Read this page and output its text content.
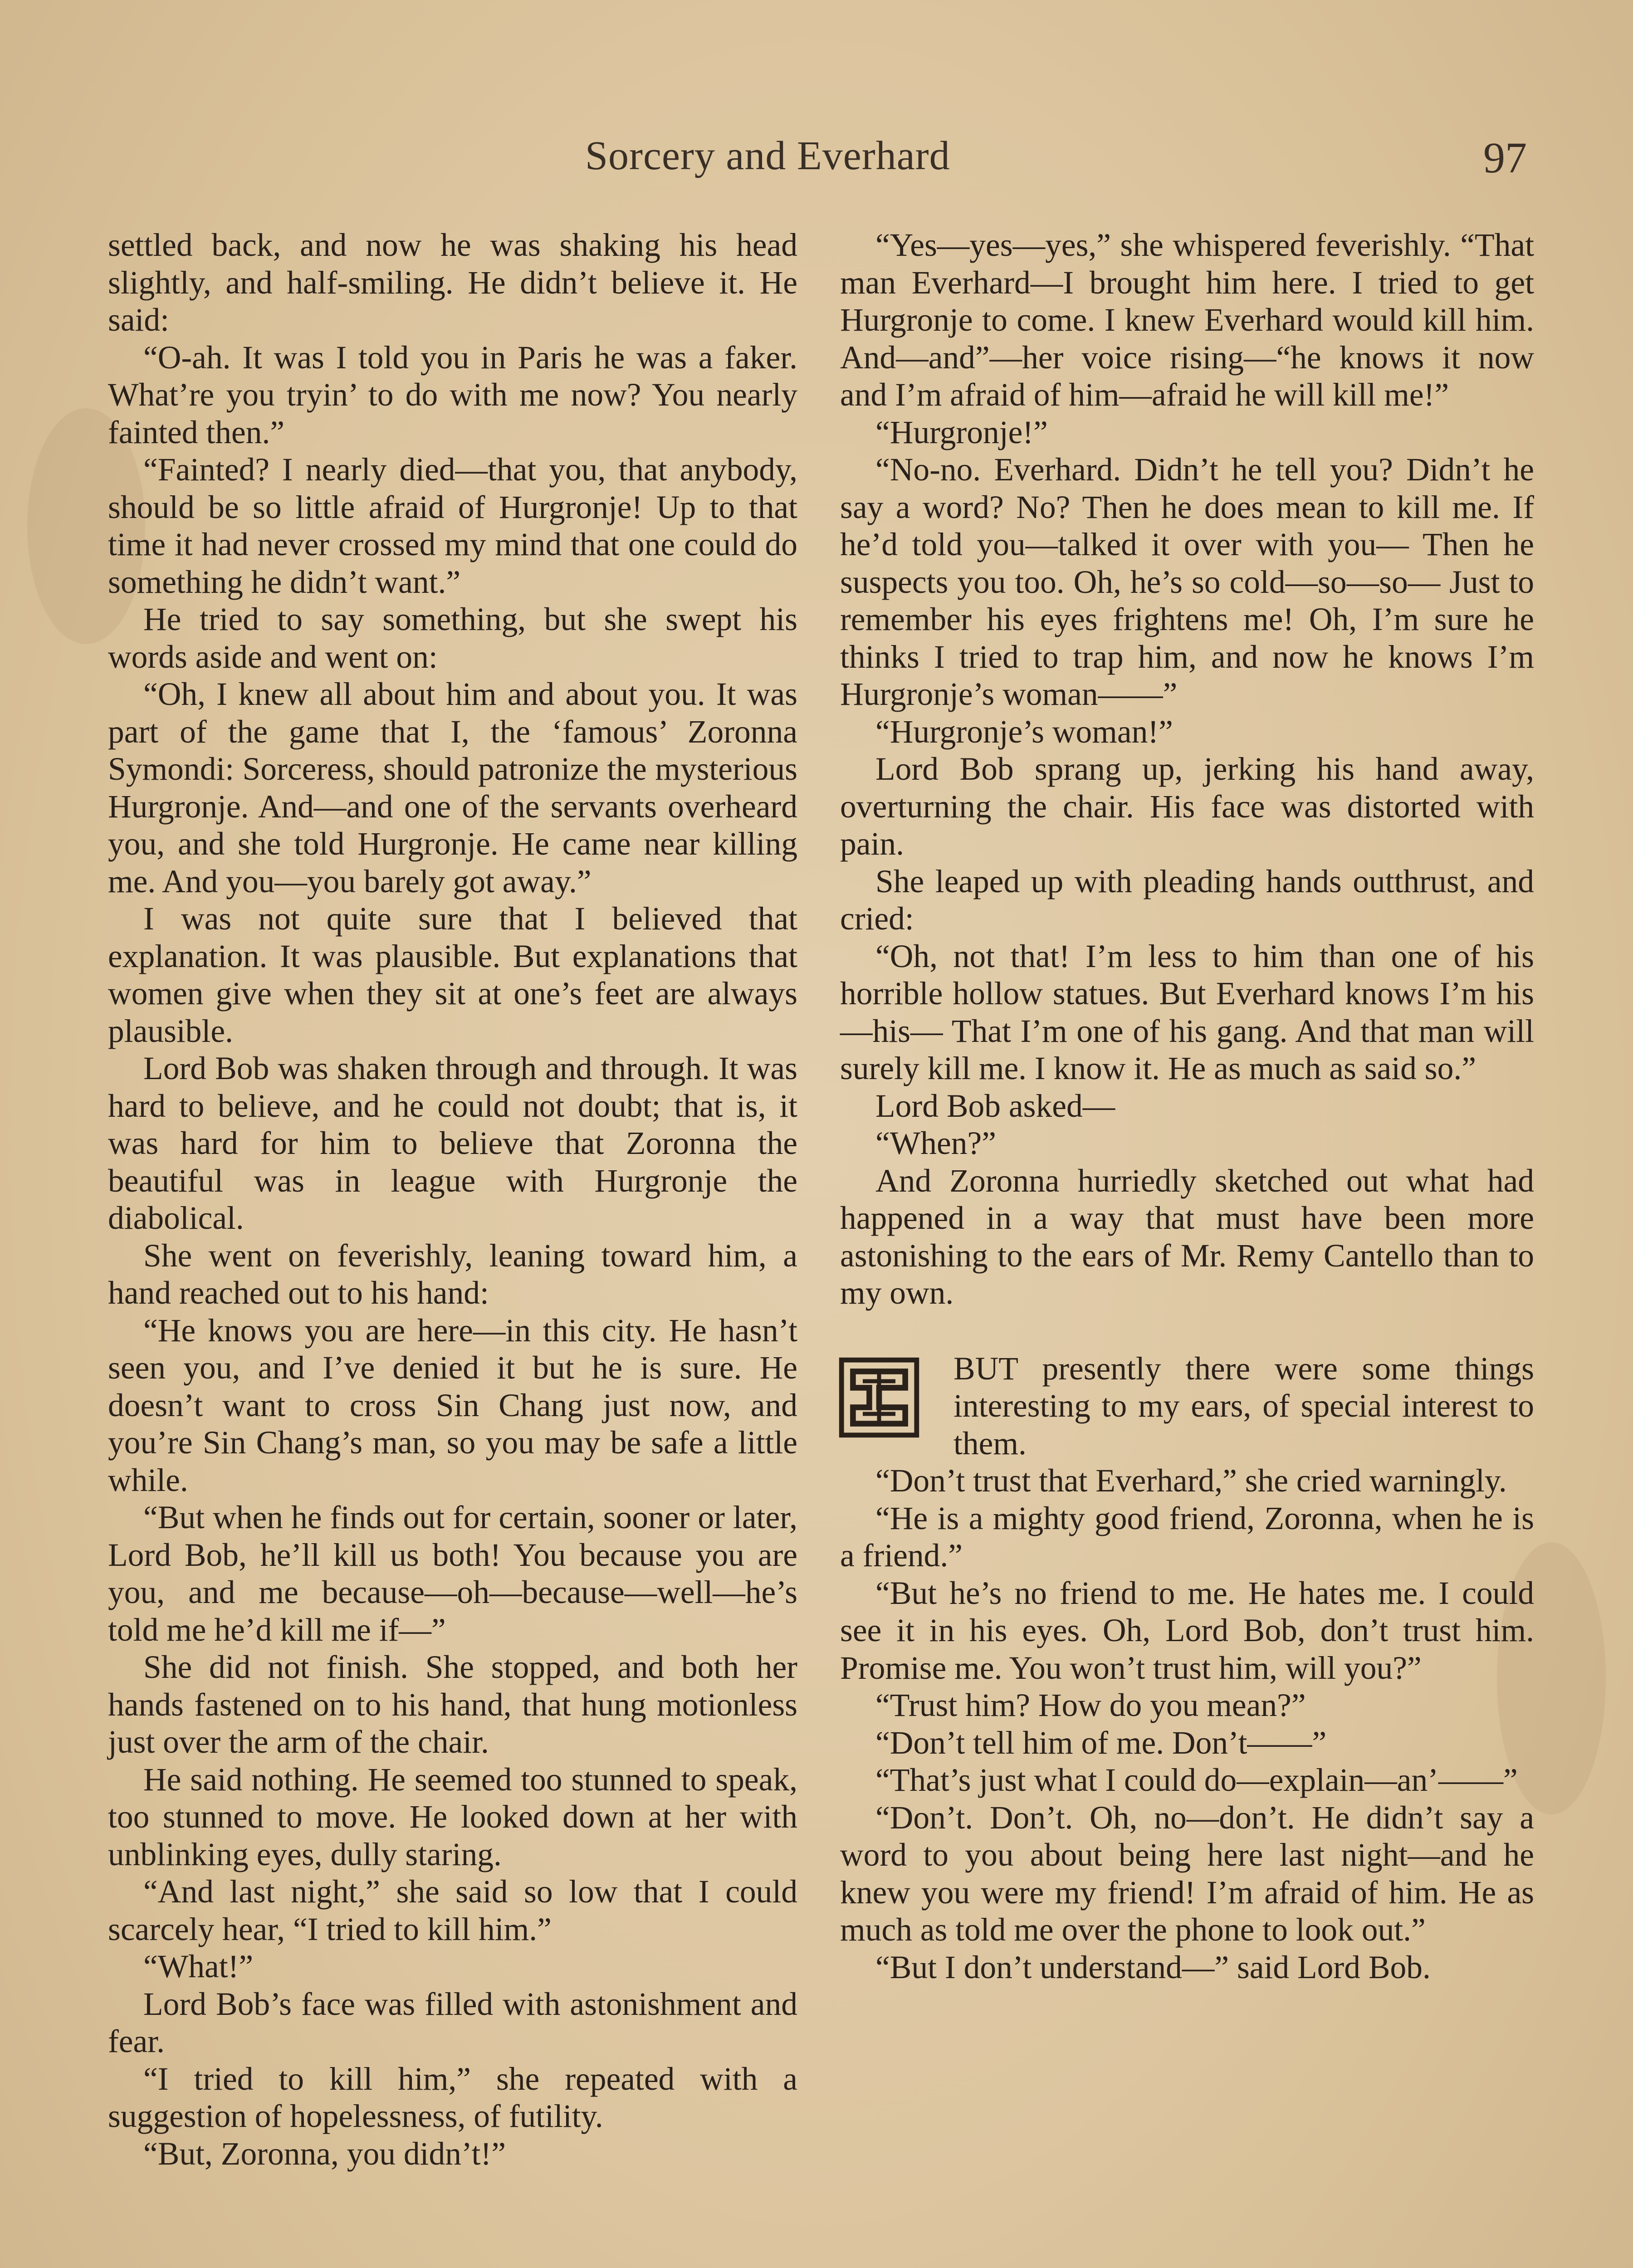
Sorcery and Everhard	97

settled back, and now he was shaking his head slightly, and half-smiling. He didn’t believe it. He said:

“O-ah. It was I told you in Paris he was a faker. What’re you tryin’ to do with me now? You nearly fainted then.”

“Fainted? I nearly died—that you, that anybody, should be so little afraid of Hurgronje! Up to that time it had never crossed my mind that one could do something he didn’t want.”

He tried to say something, but she swept his words aside and went on:

“Oh, I knew all about him and about you. It was part of the game that I, the ‘famous’ Zoronna Symondi: Sorceress, should patronize the mysterious Hurgronje. And—and one of the servants overheard you, and she told Hurgronje. He came near killing me. And you—you barely got away.”

I was not quite sure that I believed that explanation. It was plausible. But explanations that women give when they sit at one’s feet are always plausible.

Lord Bob was shaken through and through. It was hard to believe, and he could not doubt; that is, it was hard for him to believe that Zoronna the beautiful was in league with Hurgronje the diabolical.

She went on feverishly, leaning toward him, a hand reached out to his hand:

“He knows you are here—in this city. He hasn’t seen you, and I’ve denied it but he is sure. He doesn’t want to cross Sin Chang just now, and you’re Sin Chang’s man, so you may be safe a little while.

“But when he finds out for certain, sooner or later, Lord Bob, he’ll kill us both! You because you are you, and me because—oh—because—well—he’s told me he’d kill me if—”

She did not finish. She stopped, and both her hands fastened on to his hand, that hung motionless just over the arm of the chair.

He said nothing. He seemed too stunned to speak, too stunned to move. He looked down at her with unblinking eyes, dully staring.

“And last night,” she said so low that I could scarcely hear, “I tried to kill him.”

“What!”

Lord Bob’s face was filled with astonishment and fear.

“I tried to kill him,” she repeated with a suggestion of hopelessness, of futility.

“But, Zoronna, you didn’t!”

“Yes—yes—yes,” she whispered feverishly. “That man Everhard—I brought him here. I tried to get Hurgronje to come. I knew Everhard would kill him. And—and”—her voice rising—“he knows it now and I’m afraid of him—afraid he will kill me!”

“Hurgronje!”

“No-no. Everhard. Didn’t he tell you? Didn’t he say a word? No? Then he does mean to kill me. If he’d told you—talked it over with you— Then he suspects you too. Oh, he’s so cold—so—so— Just to remember his eyes frightens me! Oh, I’m sure he thinks I tried to trap him, and now he knows I’m Hurgronje’s woman——”

“Hurgronje’s woman!”

Lord Bob sprang up, jerking his hand away, overturning the chair. His face was distorted with pain.

She leaped up with pleading hands outthrust, and cried:

“Oh, not that! I’m less to him than one of his horrible hollow statues. But Everhard knows I’m his—his— That I’m one of his gang. And that man will surely kill me. I know it. He as much as said so.”

Lord Bob asked—

“When?”

And Zoronna hurriedly sketched out what had happened in a way that must have been more astonishing to the ears of Mr. Remy Cantello than to my own.

BUT presently there were some things interesting to my ears, of special interest to them.

“Don’t trust that Everhard,” she cried warningly.

“He is a mighty good friend, Zoronna, when he is a friend.”

“But he’s no friend to me. He hates me. I could see it in his eyes. Oh, Lord Bob, don’t trust him. Promise me. You won’t trust him, will you?”

“Trust him? How do you mean?”

“Don’t tell him of me. Don’t——”

“That’s just what I could do—explain—an’——”

“Don’t. Don’t. Oh, no—don’t. He didn’t say a word to you about being here last night—and he knew you were my friend! I’m afraid of him. He as much as told me over the phone to look out.”

“But I don’t understand—” said Lord Bob.
